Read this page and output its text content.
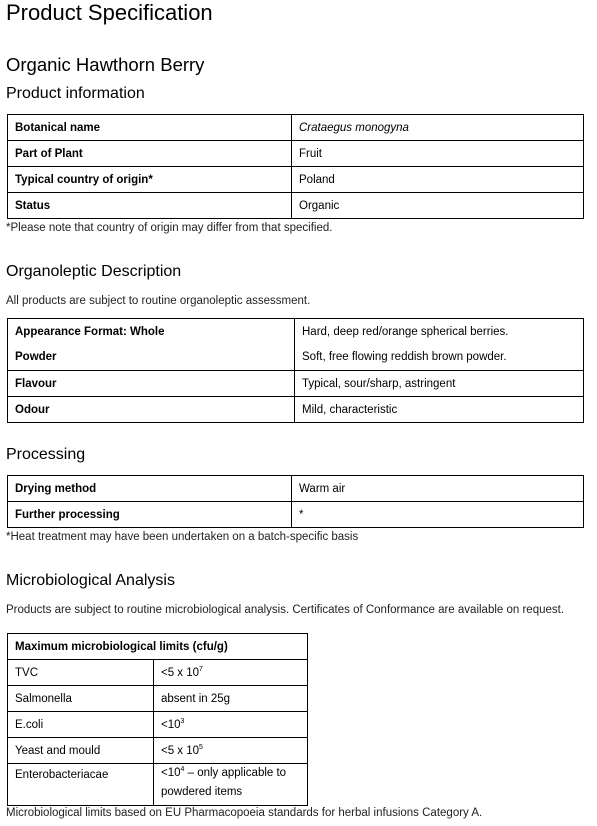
Product Specification
Organic Hawthorn Berry
Product information
Botanical name	Crataegus monogyna
Part of Plant	Fruit
Typical country of origin*	Poland
Status	Organic

*Please note that country of origin may differ from that specified.

Organoleptic Description

All products are subject to routine organoleptic assessment.

Appearance Format: Whole	Hard, deep red/orange spherical berries.
Powder	Soft, free flowing reddish brown powder.
Flavour	Typical, sour/sharp, astringent
Odour	Mild, characteristic
Processing
Drying method	Warm air
Further processing	*

*Heat treatment may have been undertaken on a batch-specific basis

Microbiological Analysis

Products are subject to routine microbiological analysis. Certificates of Conformance are available on request.

Maximum microbiological limits (cfu/g)	
TVC	<5 x $10^7$
Salmonella	absent in 25g
E.coli	$<10^3$
Yeast and mould	<5 x $10^5$
Enterobacteriacae	$<10^4$ – only applicable to powdered items

Microbiological limits based on EU Pharmacopoeia standards for herbal infusions Category A.
